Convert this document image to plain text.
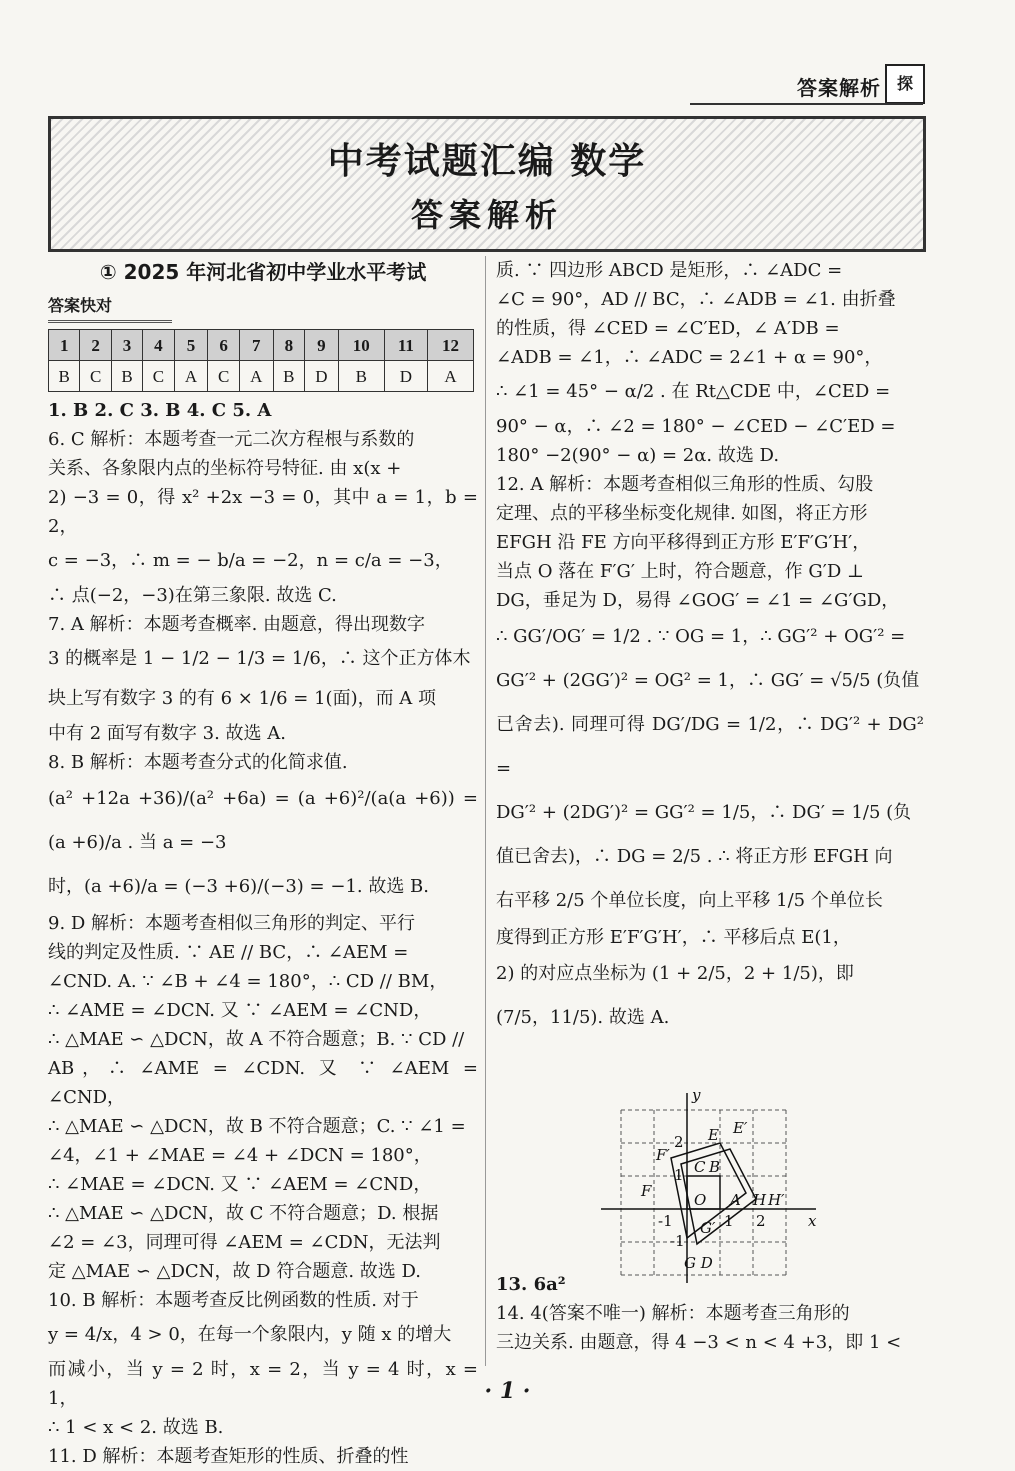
探
答案解析
中考试题汇编 数学
答案解析
① 2025 年河北省初中学业水平考试
答案快对
1	2	3	4	5	6	7	8	9	10	11	12
B	C	B	C	A	C	A	B	D	B	D	A

1. B 2. C 3. B 4. C 5. A

6. C 解析：本题考查一元二次方程根与系数的

关系、各象限内点的坐标符号特征. 由 x(x +

2) −3 = 0，得 x² +2x −3 = 0，其中 a = 1，b = 2，

c = −3，∴ m = − b/a = −2，n = c/a = −3，

∴ 点(−2，−3)在第三象限. 故选 C.

7. A 解析：本题考查概率. 由题意，得出现数字

3 的概率是 1 − 1/2 − 1/3 = 1/6，∴ 这个正方体木

块上写有数字 3 的有 6 × 1/6 = 1(面)，而 A 项

中有 2 面写有数字 3. 故选 A.

8. B 解析：本题考查分式的化简求值.

(a² +12a +36)/(a² +6a) = (a +6)²/(a(a +6)) = (a +6)/a . 当 a = −3

时，(a +6)/a = (−3 +6)/(−3) = −1. 故选 B.

9. D 解析：本题考查相似三角形的判定、平行

线的判定及性质. ∵ AE // BC，∴ ∠AEM =

∠CND. A. ∵ ∠B + ∠4 = 180°，∴ CD // BM，

∴ ∠AME = ∠DCN. 又 ∵ ∠AEM = ∠CND，

∴ △MAE ∽ △DCN，故 A 不符合题意；B. ∵ CD //

AB，∴ ∠AME = ∠CDN. 又 ∵ ∠AEM = ∠CND，

∴ △MAE ∽ △DCN，故 B 不符合题意；C. ∵ ∠1 =

∠4，∠1 + ∠MAE = ∠4 + ∠DCN = 180°，

∴ ∠MAE = ∠DCN. 又 ∵ ∠AEM = ∠CND，

∴ △MAE ∽ △DCN，故 C 不符合题意；D. 根据

∠2 = ∠3，同理可得 ∠AEM = ∠CDN，无法判

定 △MAE ∽ △DCN，故 D 符合题意. 故选 D.

10. B 解析：本题考查反比例函数的性质. 对于

y = 4/x，4 > 0，在每一个象限内，y 随 x 的增大

而减小，当 y = 2 时，x = 2，当 y = 4 时，x = 1，

∴ 1 < x < 2. 故选 B.

11. D 解析：本题考查矩形的性质、折叠的性

质. ∵ 四边形 ABCD 是矩形，∴ ∠ADC =

∠C = 90°，AD // BC，∴ ∠ADB = ∠1. 由折叠

的性质，得 ∠CED = ∠C′ED，∠ A′DB =

∠ADB = ∠1，∴ ∠ADC = 2∠1 + α = 90°，

∴ ∠1 = 45° − α/2 . 在 Rt△CDE 中，∠CED =

90° − α，∴ ∠2 = 180° − ∠CED − ∠C′ED =

180° −2(90° − α) = 2α. 故选 D.

12. A 解析：本题考查相似三角形的性质、勾股

定理、点的平移坐标变化规律. 如图，将正方形

EFGH 沿 FE 方向平移得到正方形 E′F′G′H′，

当点 O 落在 F′G′ 上时，符合题意，作 G′D ⊥

DG，垂足为 D，易得 ∠GOG′ = ∠1 = ∠G′GD，

∴ GG′/OG′ = 1/2 . ∵ OG = 1，∴ GG′² + OG′² =

GG′² + (2GG′)² = OG² = 1，∴ GG′ = √5/5 (负值

已舍去). 同理可得 DG′/DG = 1/2，∴ DG′² + DG² =

DG′² + (2DG′)² = GG′² = 1/5，∴ DG′ = 1/5 (负

值已舍去)，∴ DG = 2/5 . ∴ 将正方形 EFGH 向

右平移 2/5 个单位长度，向上平移 1/5 个单位长

度得到正方形 E′F′G′H′，∴ 平移后点 E(1，

2) 的对应点坐标为 (1 + 2/5，2 + 1/5)，即

(7/5，11/5). 故选 A.

13. 6a²

14. 4(答案不唯一) 解析：本题考查三角形的

三边关系. 由题意，得 4 −3 < n < 4 +3，即 1 <

y
x
E E′
F′
F
C B
O A H H′
G′
G D
-1	2
1
-1
2
1
· 1 ·
